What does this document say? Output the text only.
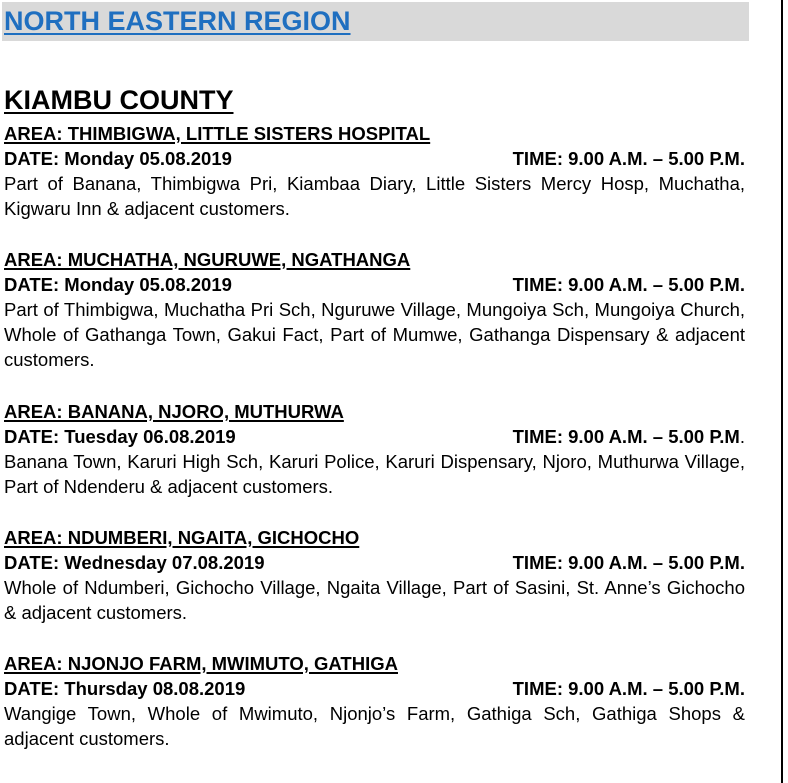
NORTH EASTERN REGION
KIAMBU COUNTY
AREA: THIMBIGWA, LITTLE SISTERS HOSPITAL
DATE: Monday 05.08.2019	TIME: 9.00 A.M. – 5.00 P.M.

Part of Banana, Thimbigwa Pri, Kiambaa Diary, Little Sisters Mercy Hosp, Muchatha, Kigwaru Inn & adjacent customers.

AREA: MUCHATHA, NGURUWE, NGATHANGA
DATE: Monday 05.08.2019	TIME: 9.00 A.M. – 5.00 P.M.

Part of Thimbigwa, Muchatha Pri Sch, Nguruwe Village, Mungoiya Sch, Mungoiya Church, Whole of Gathanga Town, Gakui Fact, Part of Mumwe, Gathanga Dispensary & adjacent customers.

AREA: BANANA, NJORO, MUTHURWA
DATE: Tuesday 06.08.2019	TIME: 9.00 A.M. – 5.00 P.M.

Banana Town, Karuri High Sch, Karuri Police, Karuri Dispensary, Njoro, Muthurwa Village, Part of Ndenderu & adjacent customers.

AREA: NDUMBERI, NGAITA, GICHOCHO
DATE: Wednesday 07.08.2019	TIME: 9.00 A.M. – 5.00 P.M.

Whole of Ndumberi, Gichocho Village, Ngaita Village, Part of Sasini, St. Anne’s Gichocho & adjacent customers.

AREA: NJONJO FARM, MWIMUTO, GATHIGA
DATE: Thursday 08.08.2019	TIME: 9.00 A.M. – 5.00 P.M.

Wangige Town, Whole of Mwimuto, Njonjo’s Farm, Gathiga Sch, Gathiga Shops & adjacent customers.
